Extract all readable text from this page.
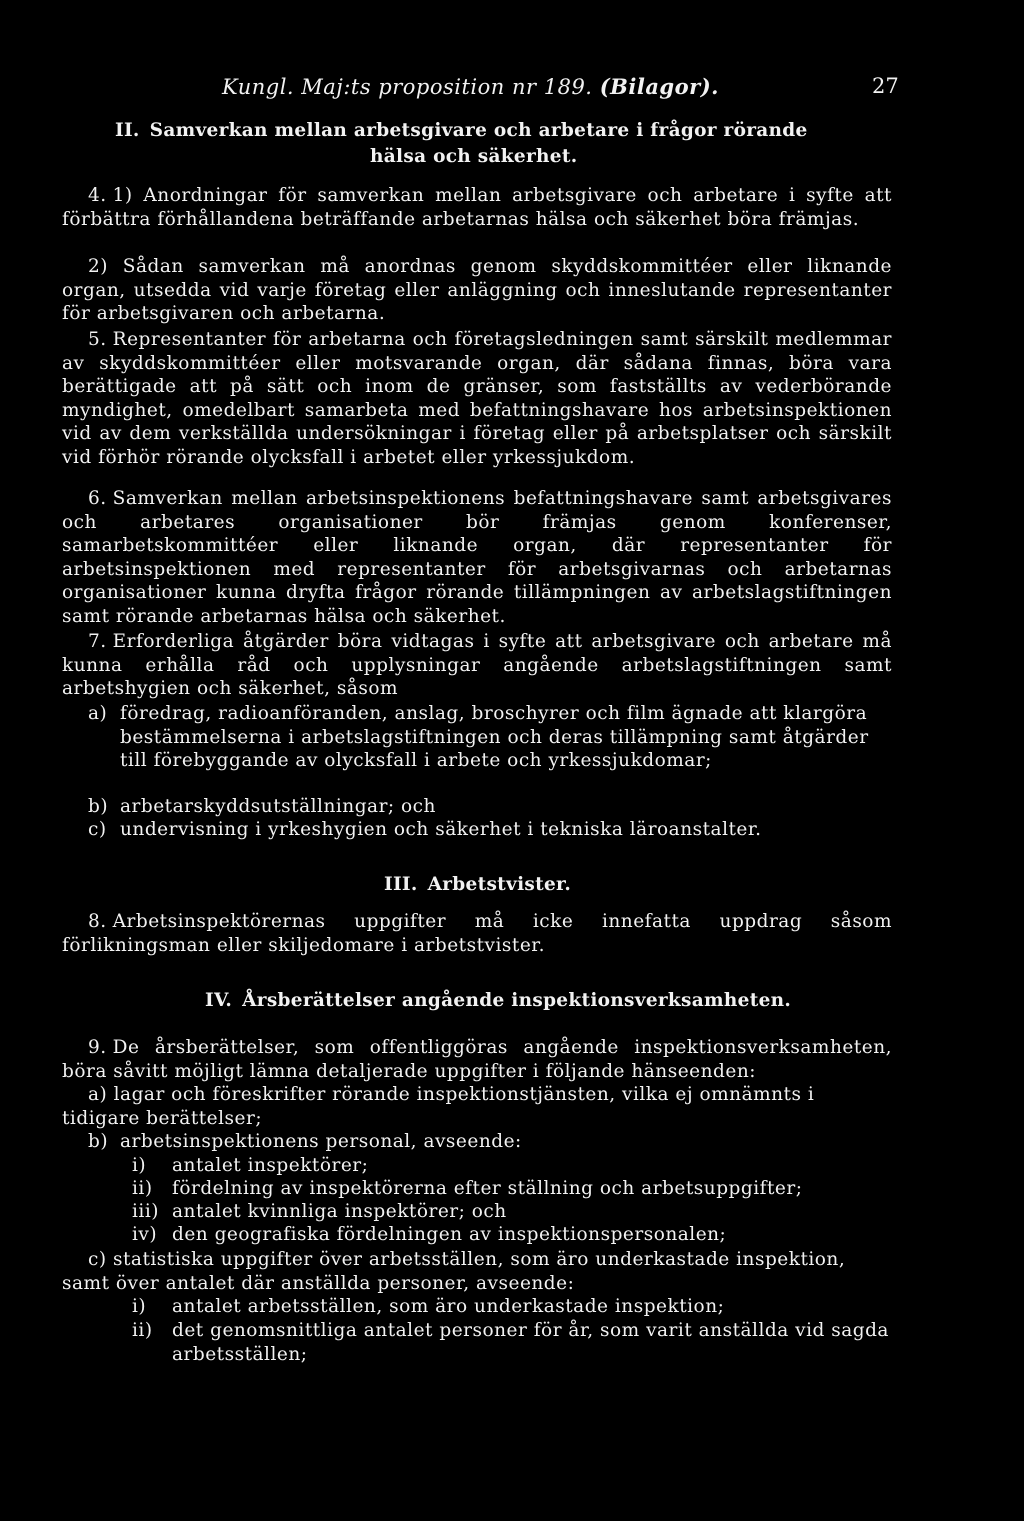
Kungl. Maj:ts proposition nr 189. (Bilagor).	27
II. Samverkan mellan arbetsgivare och arbetare i frågor rörande
hälsa och säkerhet.
4. 1) Anordningar för samverkan mellan arbetsgivare och arbetare i syfte att förbättra förhållandena beträffande arbetarnas hälsa och säkerhet böra främjas.
2) Sådan samverkan må anordnas genom skyddskommittéer eller liknande organ, utsedda vid varje företag eller anläggning och inneslutande representanter för arbetsgivaren och arbetarna.
5. Representanter för arbetarna och företagsledningen samt särskilt medlemmar av skyddskommittéer eller motsvarande organ, där sådana finnas, böra vara berättigade att på sätt och inom de gränser, som fastställts av vederbörande myndighet, omedelbart samarbeta med befattningshavare hos arbetsinspektionen vid av dem verkställda undersökningar i företag eller på arbetsplatser och särskilt vid förhör rörande olycksfall i arbetet eller yrkessjukdom.
6. Samverkan mellan arbetsinspektionens befattningshavare samt arbetsgivares och arbetares organisationer bör främjas genom konferenser, samarbetskommittéer eller liknande organ, där representanter för arbetsinspektionen med representanter för arbetsgivarnas och arbetarnas organisationer kunna dryfta frågor rörande tillämpningen av arbetslagstiftningen samt rörande arbetarnas hälsa och säkerhet.
7. Erforderliga åtgärder böra vidtagas i syfte att arbetsgivare och arbetare må kunna erhålla råd och upplysningar angående arbetslagstiftningen samt arbetshygien och säkerhet, såsom
a) föredrag, radioanföranden, anslag, broschyrer och film ägnade att klargöra bestämmelserna i arbetslagstiftningen och deras tillämpning samt åtgärder till förebyggande av olycksfall i arbete och yrkessjukdomar;
b) arbetarskyddsutställningar; och
c) undervisning i yrkeshygien och säkerhet i tekniska läroanstalter.
III. Arbetstvister.
8. Arbetsinspektörernas uppgifter må icke innefatta uppdrag såsom förlikningsman eller skiljedomare i arbetstvister.
IV. Årsberättelser angående inspektionsverksamheten.
9. De årsberättelser, som offentliggöras angående inspektionsverksamheten, böra såvitt möjligt lämna detaljerade uppgifter i följande hänseenden:
a) lagar och föreskrifter rörande inspektionstjänsten, vilka ej omnämnts i tidigare berättelser;
b) arbetsinspektionens personal, avseende:
i)	antalet inspektörer;
ii)	fördelning av inspektörerna efter ställning och arbetsuppgifter;
iii) antalet kvinnliga inspektörer; och
iv) den geografiska fördelningen av inspektionspersonalen;
c) statistiska uppgifter över arbetsställen, som äro underkastade inspektion, samt över antalet där anställda personer, avseende:
i)	antalet arbetsställen, som äro underkastade inspektion;
ii)	det genomsnittliga antalet personer för år, som varit anställda vid sagda arbetsställen;
